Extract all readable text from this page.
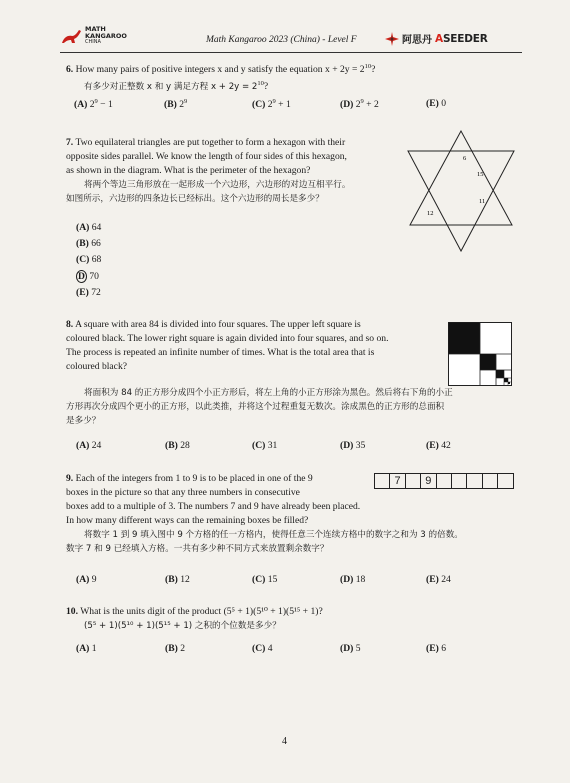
MATH
KANGAROO
CHINA	Math Kangaroo 2023 (China) - Level F	阿思丹 ASEEDER
6. How many pairs of positive integers x and y satisfy the equation $x + 2y = 2^{10}$?
有多少对正整数 x 和 y 满足方程 $x + 2y = 2^{10}$?
(A) $2^9 - 1$	(B) $2^9$	(C) $2^9 + 1$	(D) $2^9 + 2$	(E) 0
7. Two equilateral triangles are put together to form a hexagon with their
opposite sides parallel. We know the length of four sides of this hexagon,
as shown in the diagram. What is the perimeter of the hexagon?
将两个等边三角形放在一起形成一个六边形，六边形的对边互相平行。
如图所示，六边形的四条边长已经标出。这个六边形的周长是多少？
(A) 64
(B) 66
(C) 68
D 70
(E) 72
6
15
11
12
8. A square with area 84 is divided into four squares. The upper left square is
coloured black. The lower right square is again divided into four squares, and so on.
The process is repeated an infinite number of times. What is the total area that is
coloured black?
将面积为 84 的正方形分成四个小正方形后，将左上角的小正方形涂为黑色。然后将右下角的小正
方形再次分成四个更小的正方形，以此类推，并将这个过程重复无数次。涂成黑色的正方形的总面积
是多少？
(A) 24	(B) 28	(C) 31	(D) 35	(E) 42
9. Each of the integers from 1 to 9 is to be placed in one of the 9
boxes in the picture so that any three numbers in consecutive
boxes add to a multiple of 3. The numbers 7 and 9 have already been placed.
In how many different ways can the remaining boxes be filled?
将数字 1 到 9 填入图中 9 个方格的任一方格内，使得任意三个连续方格中的数字之和为 3 的倍数。
数字 7 和 9 已经填入方格。一共有多少种不同方式来放置剩余数字？
7	9
(A) 9	(B) 12	(C) 15	(D) 18	(E) 24
10. What is the units digit of the product (5⁵ + 1)(5¹⁰ + 1)(5¹⁵ + 1)?
(5⁵ + 1)(5¹⁰ + 1)(5¹⁵ + 1) 之积的个位数是多少？
(A) 1	(B) 2	(C) 4	(D) 5	(E) 6
4
